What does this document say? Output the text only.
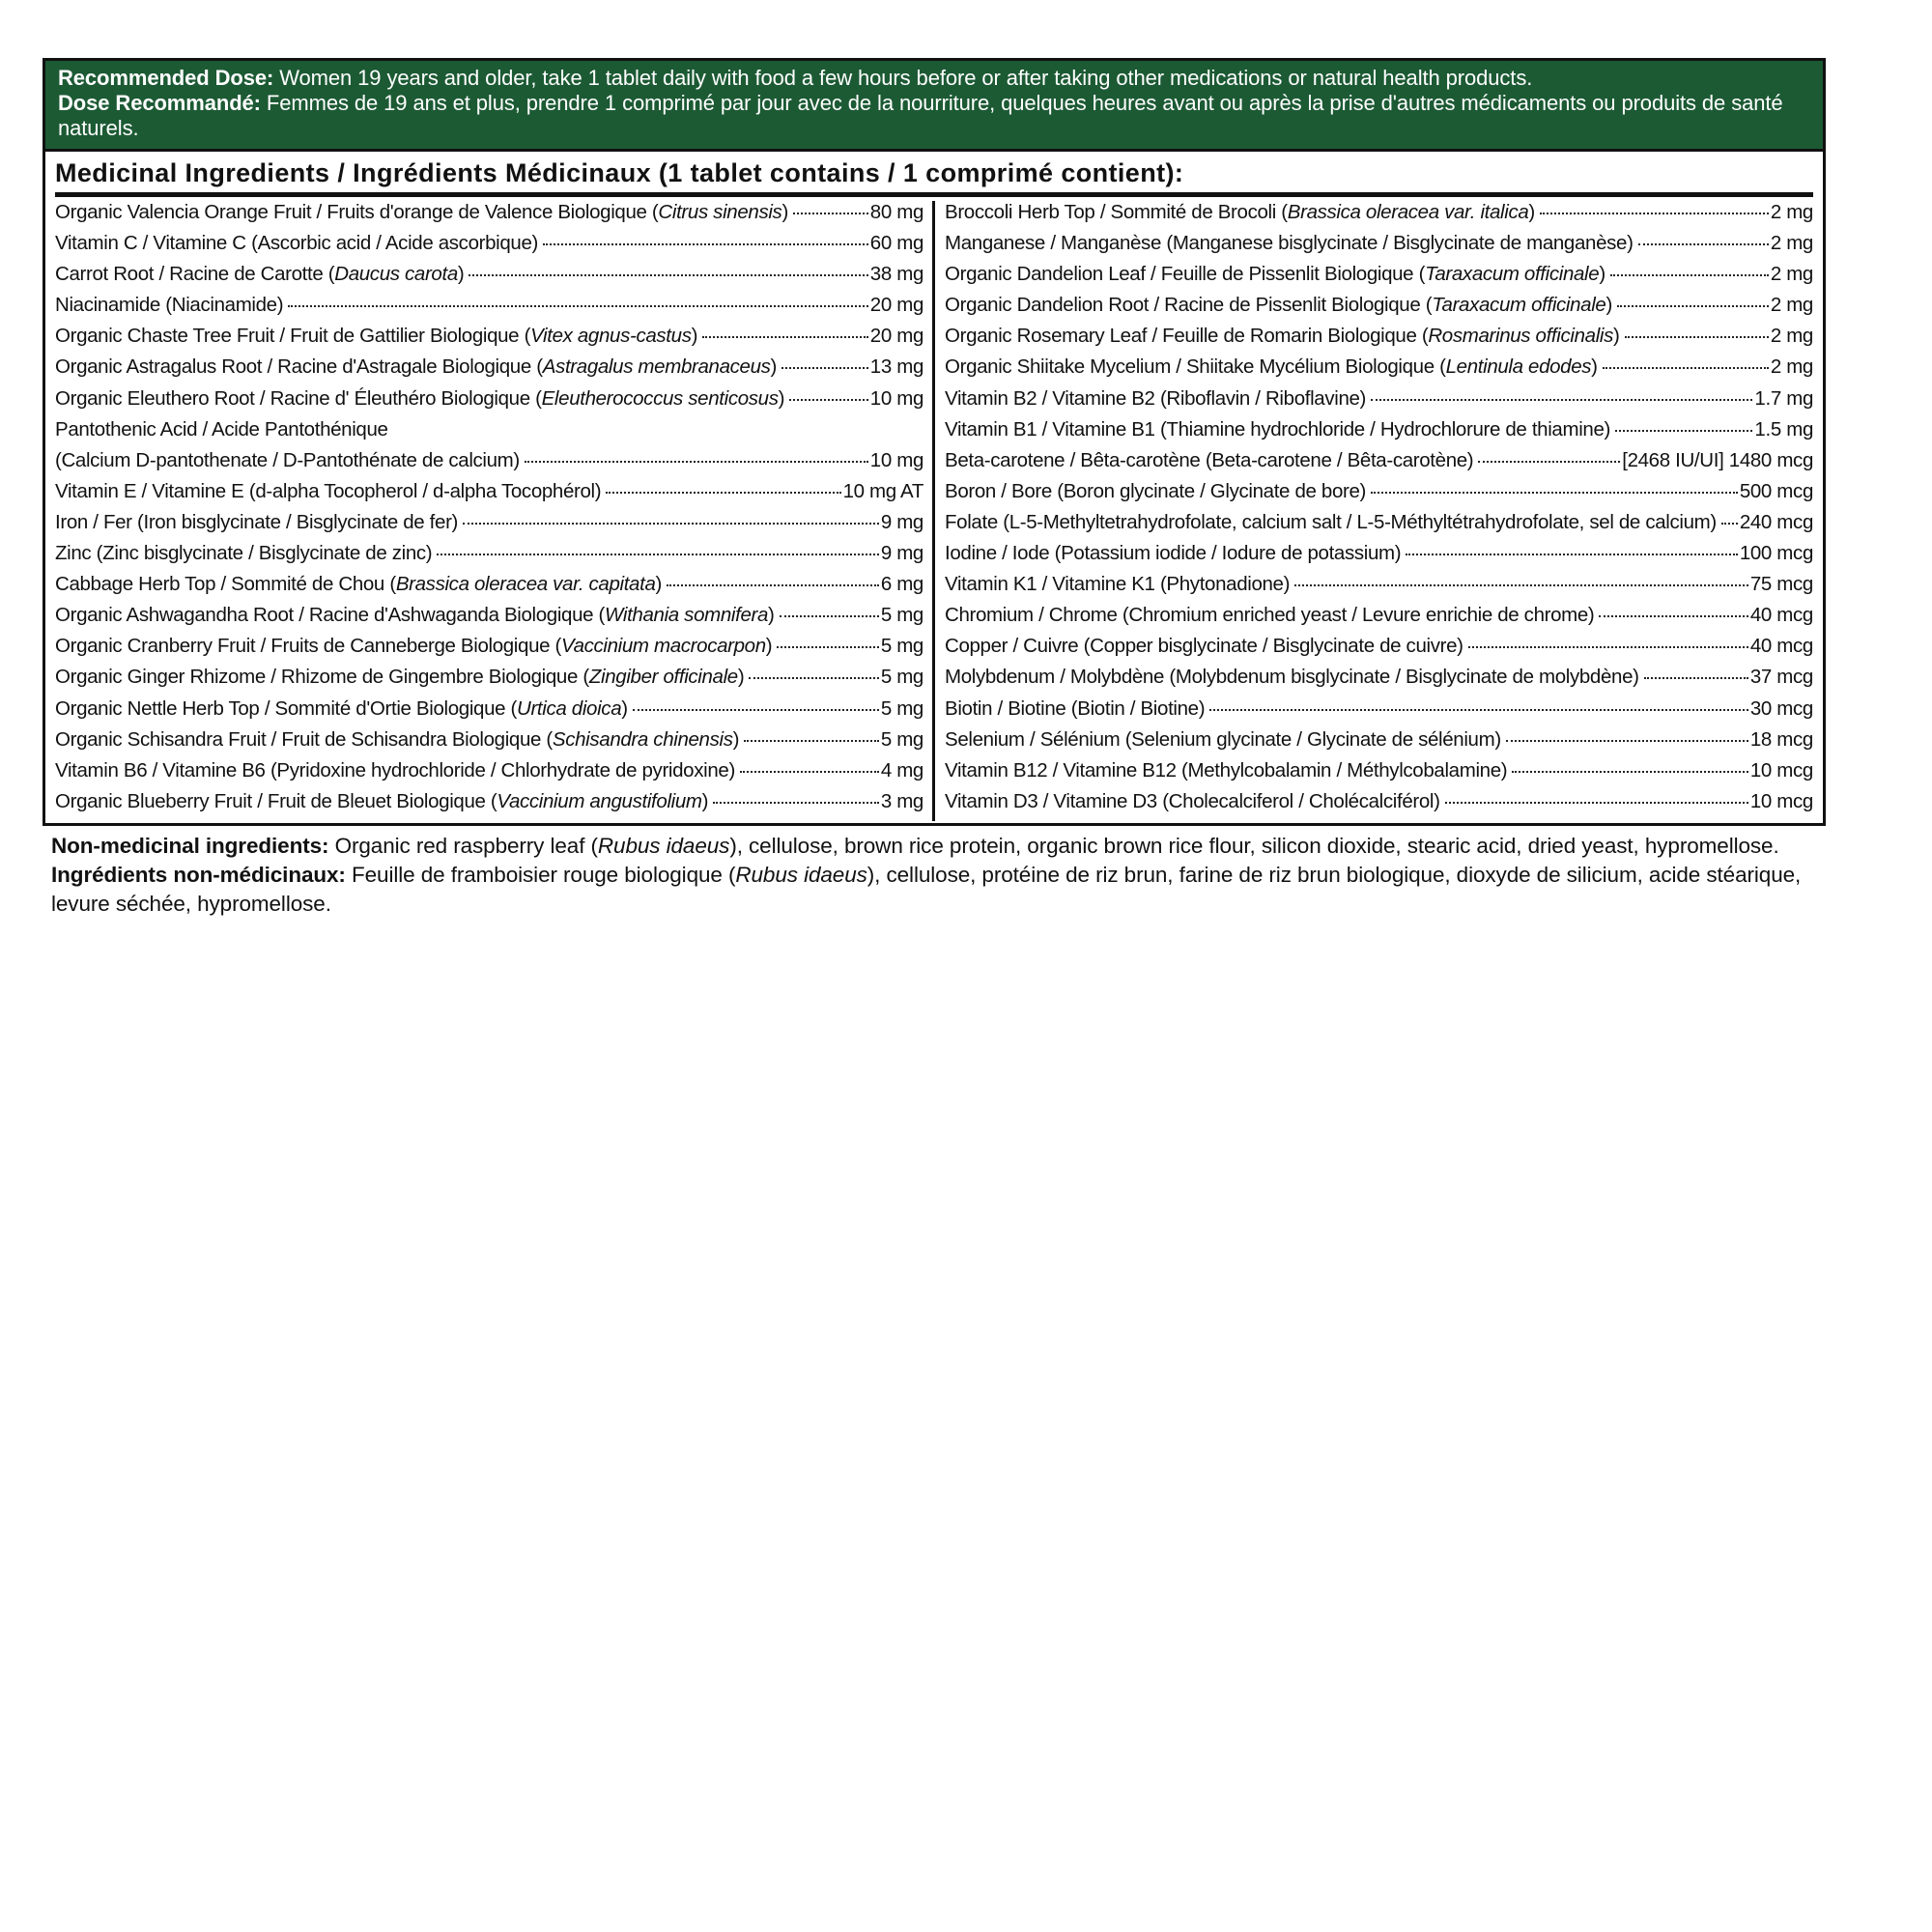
Recommended Dose: Women 19 years and older, take 1 tablet daily with food a few hours before or after taking other medications or natural health products.
Dose Recommandé: Femmes de 19 ans et plus, prendre 1 comprimé par jour avec de la nourriture, quelques heures avant ou après la prise d'autres médicaments ou produits de santé naturels.
Medicinal Ingredients / Ingrédients Médicinaux (1 tablet contains / 1 comprimé contient):
Organic Valencia Orange Fruit / Fruits d'orange de Valence Biologique (Citrus sinensis)	80 mg
Vitamin C / Vitamine C (Ascorbic acid / Acide ascorbique)	60 mg
Carrot Root / Racine de Carotte (Daucus carota)	38 mg
Niacinamide (Niacinamide)	20 mg
Organic Chaste Tree Fruit / Fruit de Gattilier Biologique (Vitex agnus-castus)	20 mg
Organic Astragalus Root / Racine d'Astragale Biologique (Astragalus membranaceus)	13 mg
Organic Eleuthero Root / Racine d' Éleuthéro Biologique (Eleutherococcus senticosus)	10 mg
Pantothenic Acid / Acide Pantothénique
(Calcium D-pantothenate / D-Pantothénate de calcium)	10 mg
Vitamin E / Vitamine E (d-alpha Tocopherol / d-alpha Tocophérol)	10 mg AT
Iron / Fer (Iron bisglycinate / Bisglycinate de fer)	9 mg
Zinc (Zinc bisglycinate / Bisglycinate de zinc)	9 mg
Cabbage Herb Top / Sommité de Chou (Brassica oleracea var. capitata)	6 mg
Organic Ashwagandha Root / Racine d'Ashwaganda Biologique (Withania somnifera)	5 mg
Organic Cranberry Fruit / Fruits de Canneberge Biologique (Vaccinium macrocarpon)	5 mg
Organic Ginger Rhizome / Rhizome de Gingembre Biologique (Zingiber officinale)	5 mg
Organic Nettle Herb Top / Sommité d'Ortie Biologique (Urtica dioica)	5 mg
Organic Schisandra Fruit / Fruit de Schisandra Biologique (Schisandra chinensis)	5 mg
Vitamin B6 / Vitamine B6 (Pyridoxine hydrochloride / Chlorhydrate de pyridoxine)	4 mg
Organic Blueberry Fruit / Fruit de Bleuet Biologique (Vaccinium angustifolium)	3 mg
Broccoli Herb Top / Sommité de Brocoli (Brassica oleracea var. italica)	2 mg
Manganese / Manganèse (Manganese bisglycinate / Bisglycinate de manganèse)	2 mg
Organic Dandelion Leaf / Feuille de Pissenlit Biologique (Taraxacum officinale)	2 mg
Organic Dandelion Root / Racine de Pissenlit Biologique (Taraxacum officinale)	2 mg
Organic Rosemary Leaf / Feuille de Romarin Biologique (Rosmarinus officinalis)	2 mg
Organic Shiitake Mycelium / Shiitake Mycélium Biologique (Lentinula edodes)	2 mg
Vitamin B2 / Vitamine B2 (Riboflavin / Riboflavine)	1.7 mg
Vitamin B1 / Vitamine B1 (Thiamine hydrochloride / Hydrochlorure de thiamine)	1.5 mg
Beta-carotene / Bêta-carotène (Beta-carotene / Bêta-carotène)	[2468 IU/UI] 1480 mcg
Boron / Bore (Boron glycinate / Glycinate de bore)	500 mcg
Folate (L-5-Methyltetrahydrofolate, calcium salt / L-5-Méthyltétrahydrofolate, sel de calcium) 240 mcg
Iodine / Iode (Potassium iodide / Iodure de potassium)	100 mcg
Vitamin K1 / Vitamine K1 (Phytonadione)	75 mcg
Chromium / Chrome (Chromium enriched yeast / Levure enrichie de chrome)	40 mcg
Copper / Cuivre (Copper bisglycinate / Bisglycinate de cuivre)	40 mcg
Molybdenum / Molybdène (Molybdenum bisglycinate / Bisglycinate de molybdène)	37 mcg
Biotin / Biotine (Biotin / Biotine)	30 mcg
Selenium / Sélénium (Selenium glycinate / Glycinate de sélénium)	18 mcg
Vitamin B12 / Vitamine B12 (Methylcobalamin / Méthylcobalamine)	10 mcg
Vitamin D3 / Vitamine D3 (Cholecalciferol / Cholécalciférol)	10 mcg
Non-medicinal ingredients: Organic red raspberry leaf (Rubus idaeus), cellulose, brown rice protein, organic brown rice flour, silicon dioxide, stearic acid, dried yeast, hypromellose.
Ingrédients non-médicinaux: Feuille de framboisier rouge biologique (Rubus idaeus), cellulose, protéine de riz brun, farine de riz brun biologique, dioxyde de silicium, acide stéarique, levure séchée, hypromellose.
